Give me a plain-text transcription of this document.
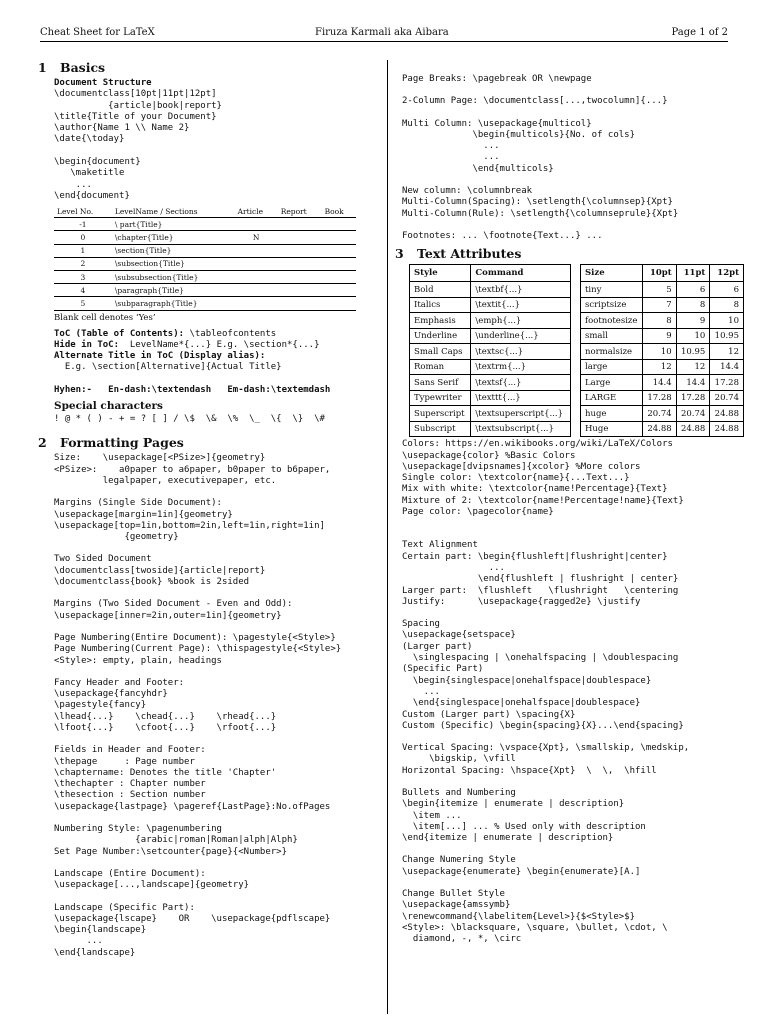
Cheat Sheet for LaTeX	Firuza Karmali aka Aibara	Page 1 of 2
1 Basics
Document Structure
\documentclass[10pt|11pt|12pt]
{article|book|report}
\title{Title of your Document}
\author{Name 1 \\ Name 2}
\date{\today}

\begin{document}
\maketitle
...
\end{document}
Level No.	LevelName / Sections	Article	Report	Book
-1	\ part{Title}			
0	\chapter{Title}	N		
1	\section{Title}			
2	\subsection{Title}			
3	\subsubsection{Title}			
4	\paragraph{Title}			
5	\subparagraph{Title}			
Blank cell denotes ‘Yes’
ToC (Table of Contents): \tableofcontents
Hide in ToC:  LevelName*{...} E.g. \section*{...}
Alternate Title in ToC (Display alias):
E.g. \section[Alternative]{Actual Title}
Hyhen:-   En-dash:\textendash   Em-dash:\textemdash
Special characters
! @ * ( ) - + = ? [ ] / \$  \&  \%  \_  \{  \}  \#
2 Formatting Pages
Size:    \usepackage[<PSize>]{geometry}
<PSize>:    a0paper to a6paper, b0paper to b6paper,
legalpaper, executivepaper, etc.
Margins (Single Side Document):
\usepackage[margin=1in]{geometry}
\usepackage[top=1in,bottom=2in,left=1in,right=1in]
{geometry}
Two Sided Document
\documentclass[twoside]{article|report}
\documentclass{book} %book is 2sided
Margins (Two Sided Document - Even and Odd):
\usepackage[inner=2in,outer=1in]{geometry}
Page Numbering(Entire Document): \pagestyle{<Style>}
Page Numbering(Current Page): \thispagestyle{<Style>}
<Style>: empty, plain, headings
Fancy Header and Footer:
\usepackage{fancyhdr}
\pagestyle{fancy}
\lhead{...}    \chead{...}    \rhead{...}
\lfoot{...}    \cfoot{...}    \rfoot{...}
Fields in Header and Footer:
\thepage     : Page number
\chaptername: Denotes the title 'Chapter'
\thechapter : Chapter number
\thesection : Section number
\usepackage{lastpage} \pageref{LastPage}:No.ofPages
Numbering Style: \pagenumbering
{arabic|roman|Roman|alph|Alph}
Set Page Number:\setcounter{page}{<Number>}
Landscape (Entire Document):
\usepackage[...,landscape]{geometry}
Landscape (Specific Part):
\usepackage{lscape}    OR    \usepackage{pdflscape}
\begin{landscape}
...
\end{landscape}
Page Breaks: \pagebreak OR \newpage
2-Column Page: \documentclass[...,twocolumn]{...}
Multi Column: \usepackage{multicol}
\begin{multicols}{No. of cols}
...
...
\end{multicols}
New column: \columnbreak
Multi-Column(Spacing): \setlength{\columnsep}{Xpt}
Multi-Column(Rule): \setlength{\columnseprule}{Xpt}
Footnotes: ... \footnote{Text...} ...
3 Text Attributes
Style	Command
Bold	\textbf{...}
Italics	\textit{...}
Emphasis	\emph{...}
Underline	\underline{...}
Small Caps	\textsc{...}
Roman	\textrm{...}
Sans Serif	\textsf{...}
Typewriter	\texttt{...}
Superscript	\textsuperscript{...}
Subscript	\textsubscript{...}
Size	10pt	11pt	12pt
tiny	5	6	6
scriptsize	7	8	8
footnotesize	8	9	10
small	9	10	10.95
normalsize	10	10.95	12
large	12	12	14.4
Large	14.4	14.4	17.28
LARGE	17.28	17.28	20.74
huge	20.74	20.74	24.88
Huge	24.88	24.88	24.88
Colors: https://en.wikibooks.org/wiki/LaTeX/Colors
\usepackage{color} %Basic Colors
\usepackage[dvipsnames]{xcolor} %More colors
Single color: \textcolor{name}{...Text...}
Mix with white: \textcolor{name!Percentage}{Text}
Mixture of 2: \textcolor{name!Percentage!name}{Text}
Page color: \pagecolor{name}
Text Alignment
Certain part: \begin{flushleft|flushright|center}
...
\end{flushleft | flushright | center}
Larger part:  \flushleft   \flushright   \centering
Justify:      \usepackage{ragged2e} \justify
Spacing
\usepackage{setspace}
(Larger part)
\singlespacing | \onehalfspacing | \doublespacing
(Specific Part)
\begin{singlespace|onehalfspace|doublespace}
...
\end{singlespace|onehalfspace|doublespace}
Custom (Larger part) \spacing{X}
Custom (Specific) \begin{spacing}{X}...\end{spacing}
Vertical Spacing: \vspace{Xpt}, \smallskip, \medskip,
\bigskip, \vfill
Horizontal Spacing: \hspace{Xpt}  \  \,  \hfill
Bullets and Numbering
\begin{itemize | enumerate | description}
\item ...
\item[...] ... % Used only with description
\end{itemize | enumerate | description}
Change Numering Style
\usepackage{enumerate} \begin{enumerate}[A.]
Change Bullet Style
\usepackage{amssymb}
\renewcommand{\labelitem{Level>}{$<Style>$}
<Style>: \blacksquare, \square, \bullet, \cdot, \
diamond, -, *, \circ
